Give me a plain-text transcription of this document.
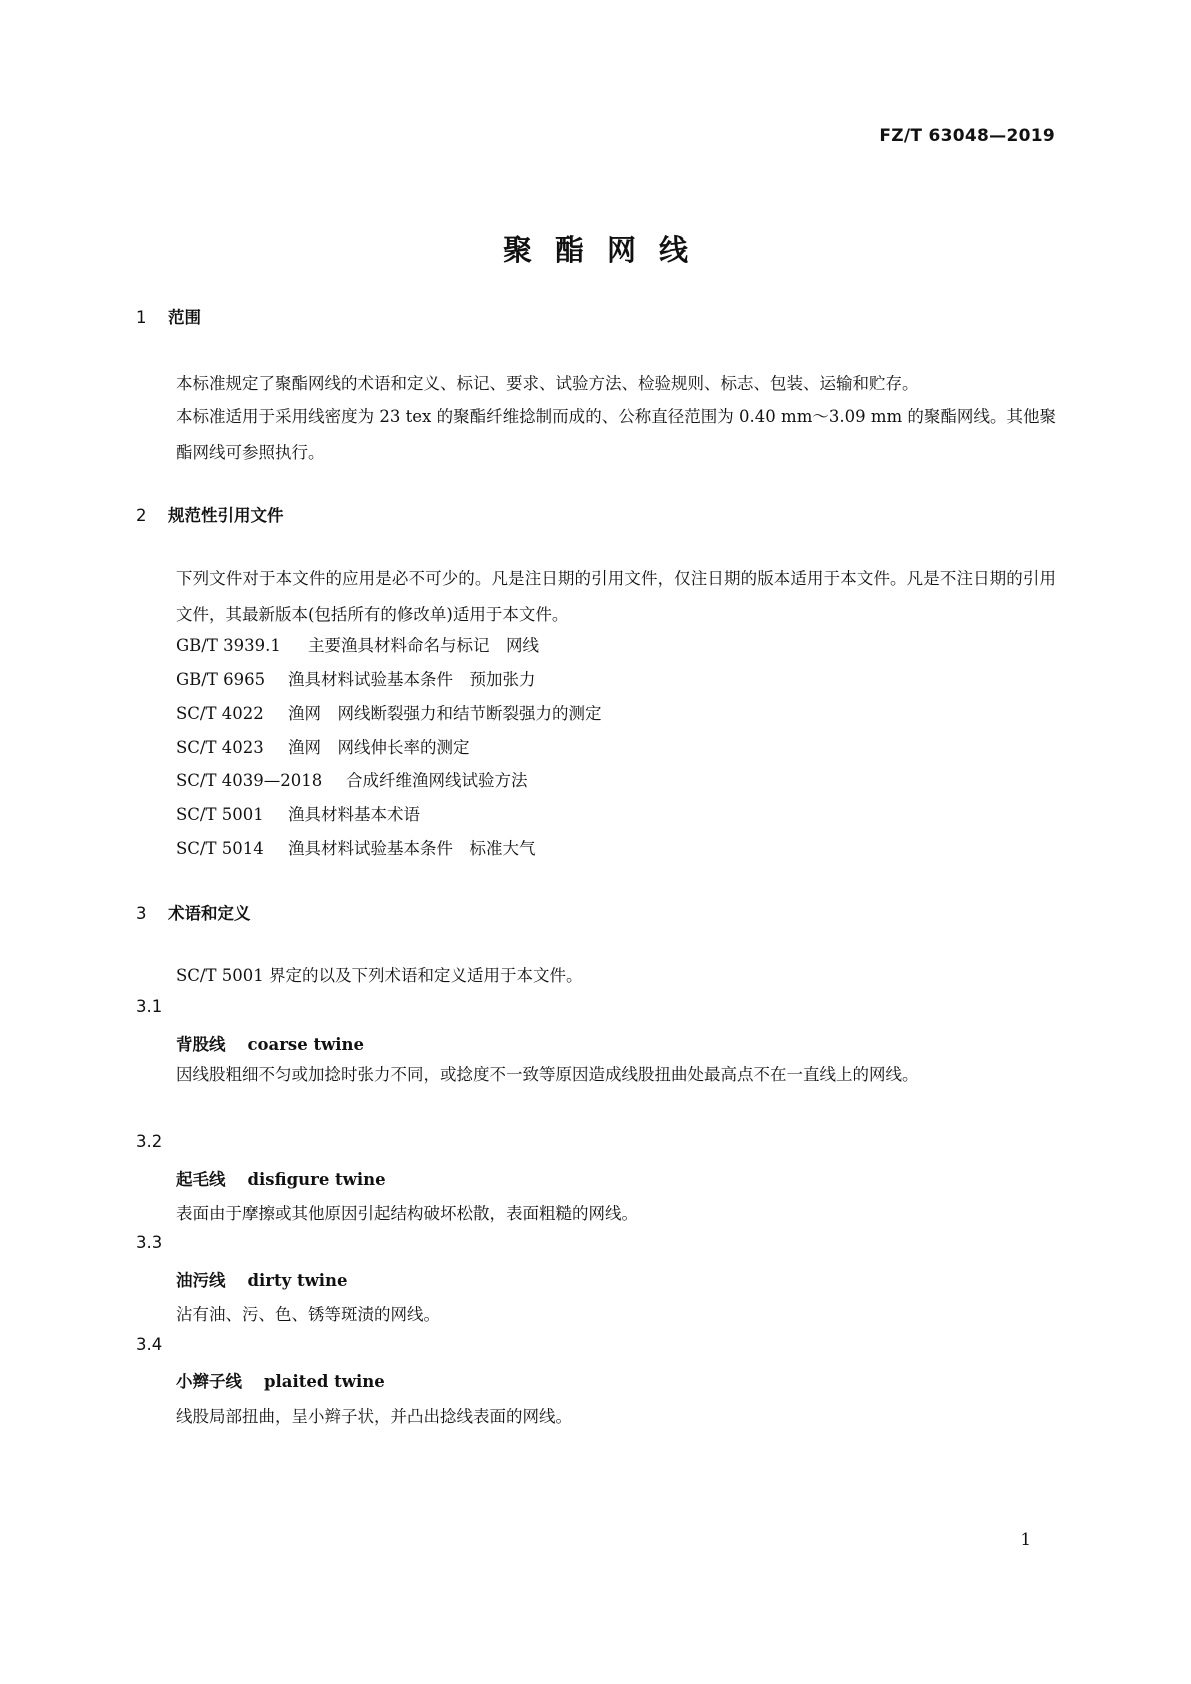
FZ/T 63048—2019
聚酯网线
1 范围
本标准规定了聚酯网线的术语和定义、标记、要求、试验方法、检验规则、标志、包装、运输和贮存。
本标准适用于采用线密度为 23 tex 的聚酯纤维捻制而成的、公称直径范围为 0.40 mm～3.09 mm 的聚酯网线。其他聚酯网线可参照执行。
2 规范性引用文件
下列文件对于本文件的应用是必不可少的。凡是注日期的引用文件，仅注日期的版本适用于本文件。凡是不注日期的引用文件，其最新版本(包括所有的修改单)适用于本文件。
GB/T 3939.1 主要渔具材料命名与标记　网线
GB/T 6965 渔具材料试验基本条件　预加张力
SC/T 4022 渔网　网线断裂强力和结节断裂强力的测定
SC/T 4023 渔网　网线伸长率的测定
SC/T 4039—2018 合成纤维渔网线试验方法
SC/T 5001 渔具材料基本术语
SC/T 5014 渔具材料试验基本条件　标准大气
3 术语和定义
SC/T 5001 界定的以及下列术语和定义适用于本文件。
3.1
背股线 coarse twine
因线股粗细不匀或加捻时张力不同，或捻度不一致等原因造成线股扭曲处最高点不在一直线上的网线。
3.2
起毛线 disfigure twine
表面由于摩擦或其他原因引起结构破坏松散，表面粗糙的网线。
3.3
油污线 dirty twine
沾有油、污、色、锈等斑渍的网线。
3.4
小辫子线 plaited twine
线股局部扭曲，呈小辫子状，并凸出捻线表面的网线。
1
